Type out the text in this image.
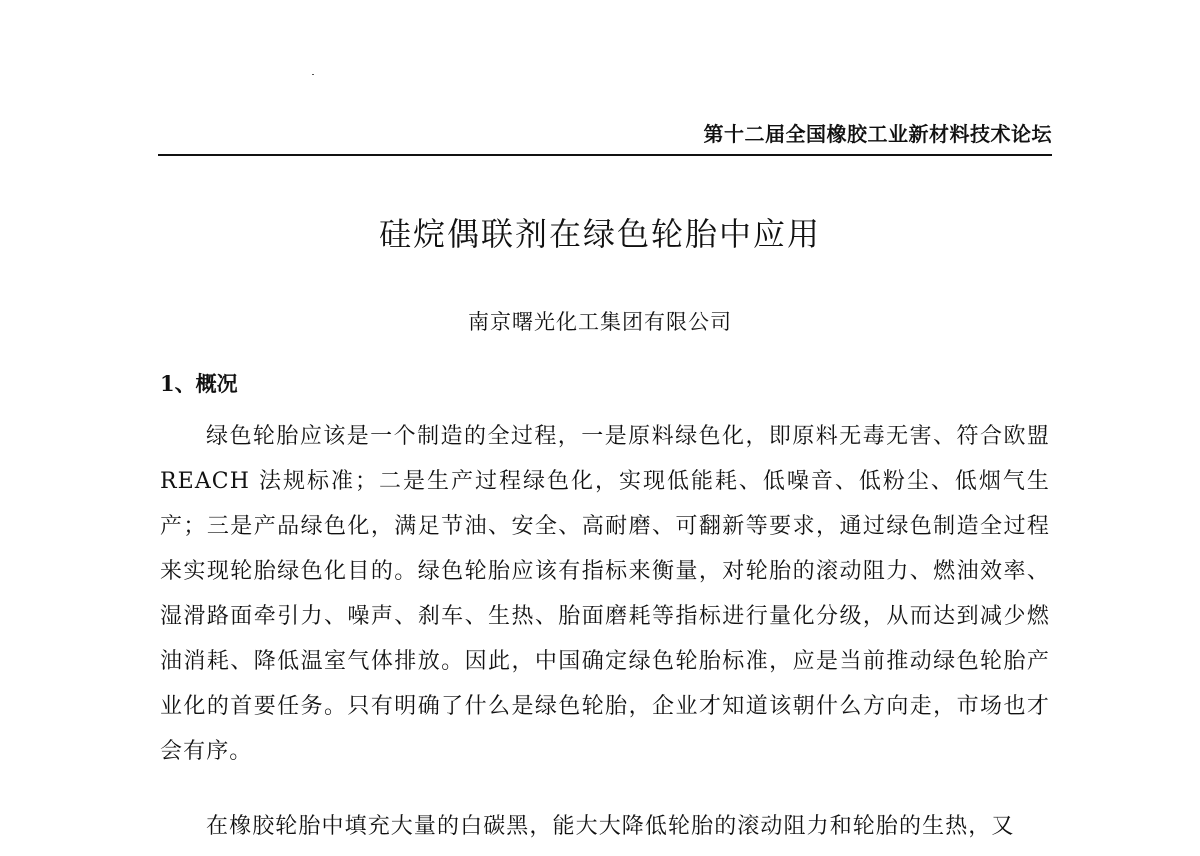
第十二届全国橡胶工业新材料技术论坛
硅烷偶联剂在绿色轮胎中应用
南京曙光化工集团有限公司
1、概况

绿色轮胎应该是一个制造的全过程，一是原料绿色化，即原料无毒无害、符合欧盟 REACH 法规标准；二是生产过程绿色化，实现低能耗、低噪音、低粉尘、低烟气生产；三是产品绿色化，满足节油、安全、高耐磨、可翻新等要求，通过绿色制造全过程来实现轮胎绿色化目的。绿色轮胎应该有指标来衡量，对轮胎的滚动阻力、燃油效率、湿滑路面牵引力、噪声、刹车、生热、胎面磨耗等指标进行量化分级，从而达到减少燃油消耗、降低温室气体排放。因此，中国确定绿色轮胎标准，应是当前推动绿色轮胎产业化的首要任务。只有明确了什么是绿色轮胎，企业才知道该朝什么方向走，市场也才会有序。

在橡胶轮胎中填充大量的白碳黑，能大大降低轮胎的滚动阻力和轮胎的生热，又
